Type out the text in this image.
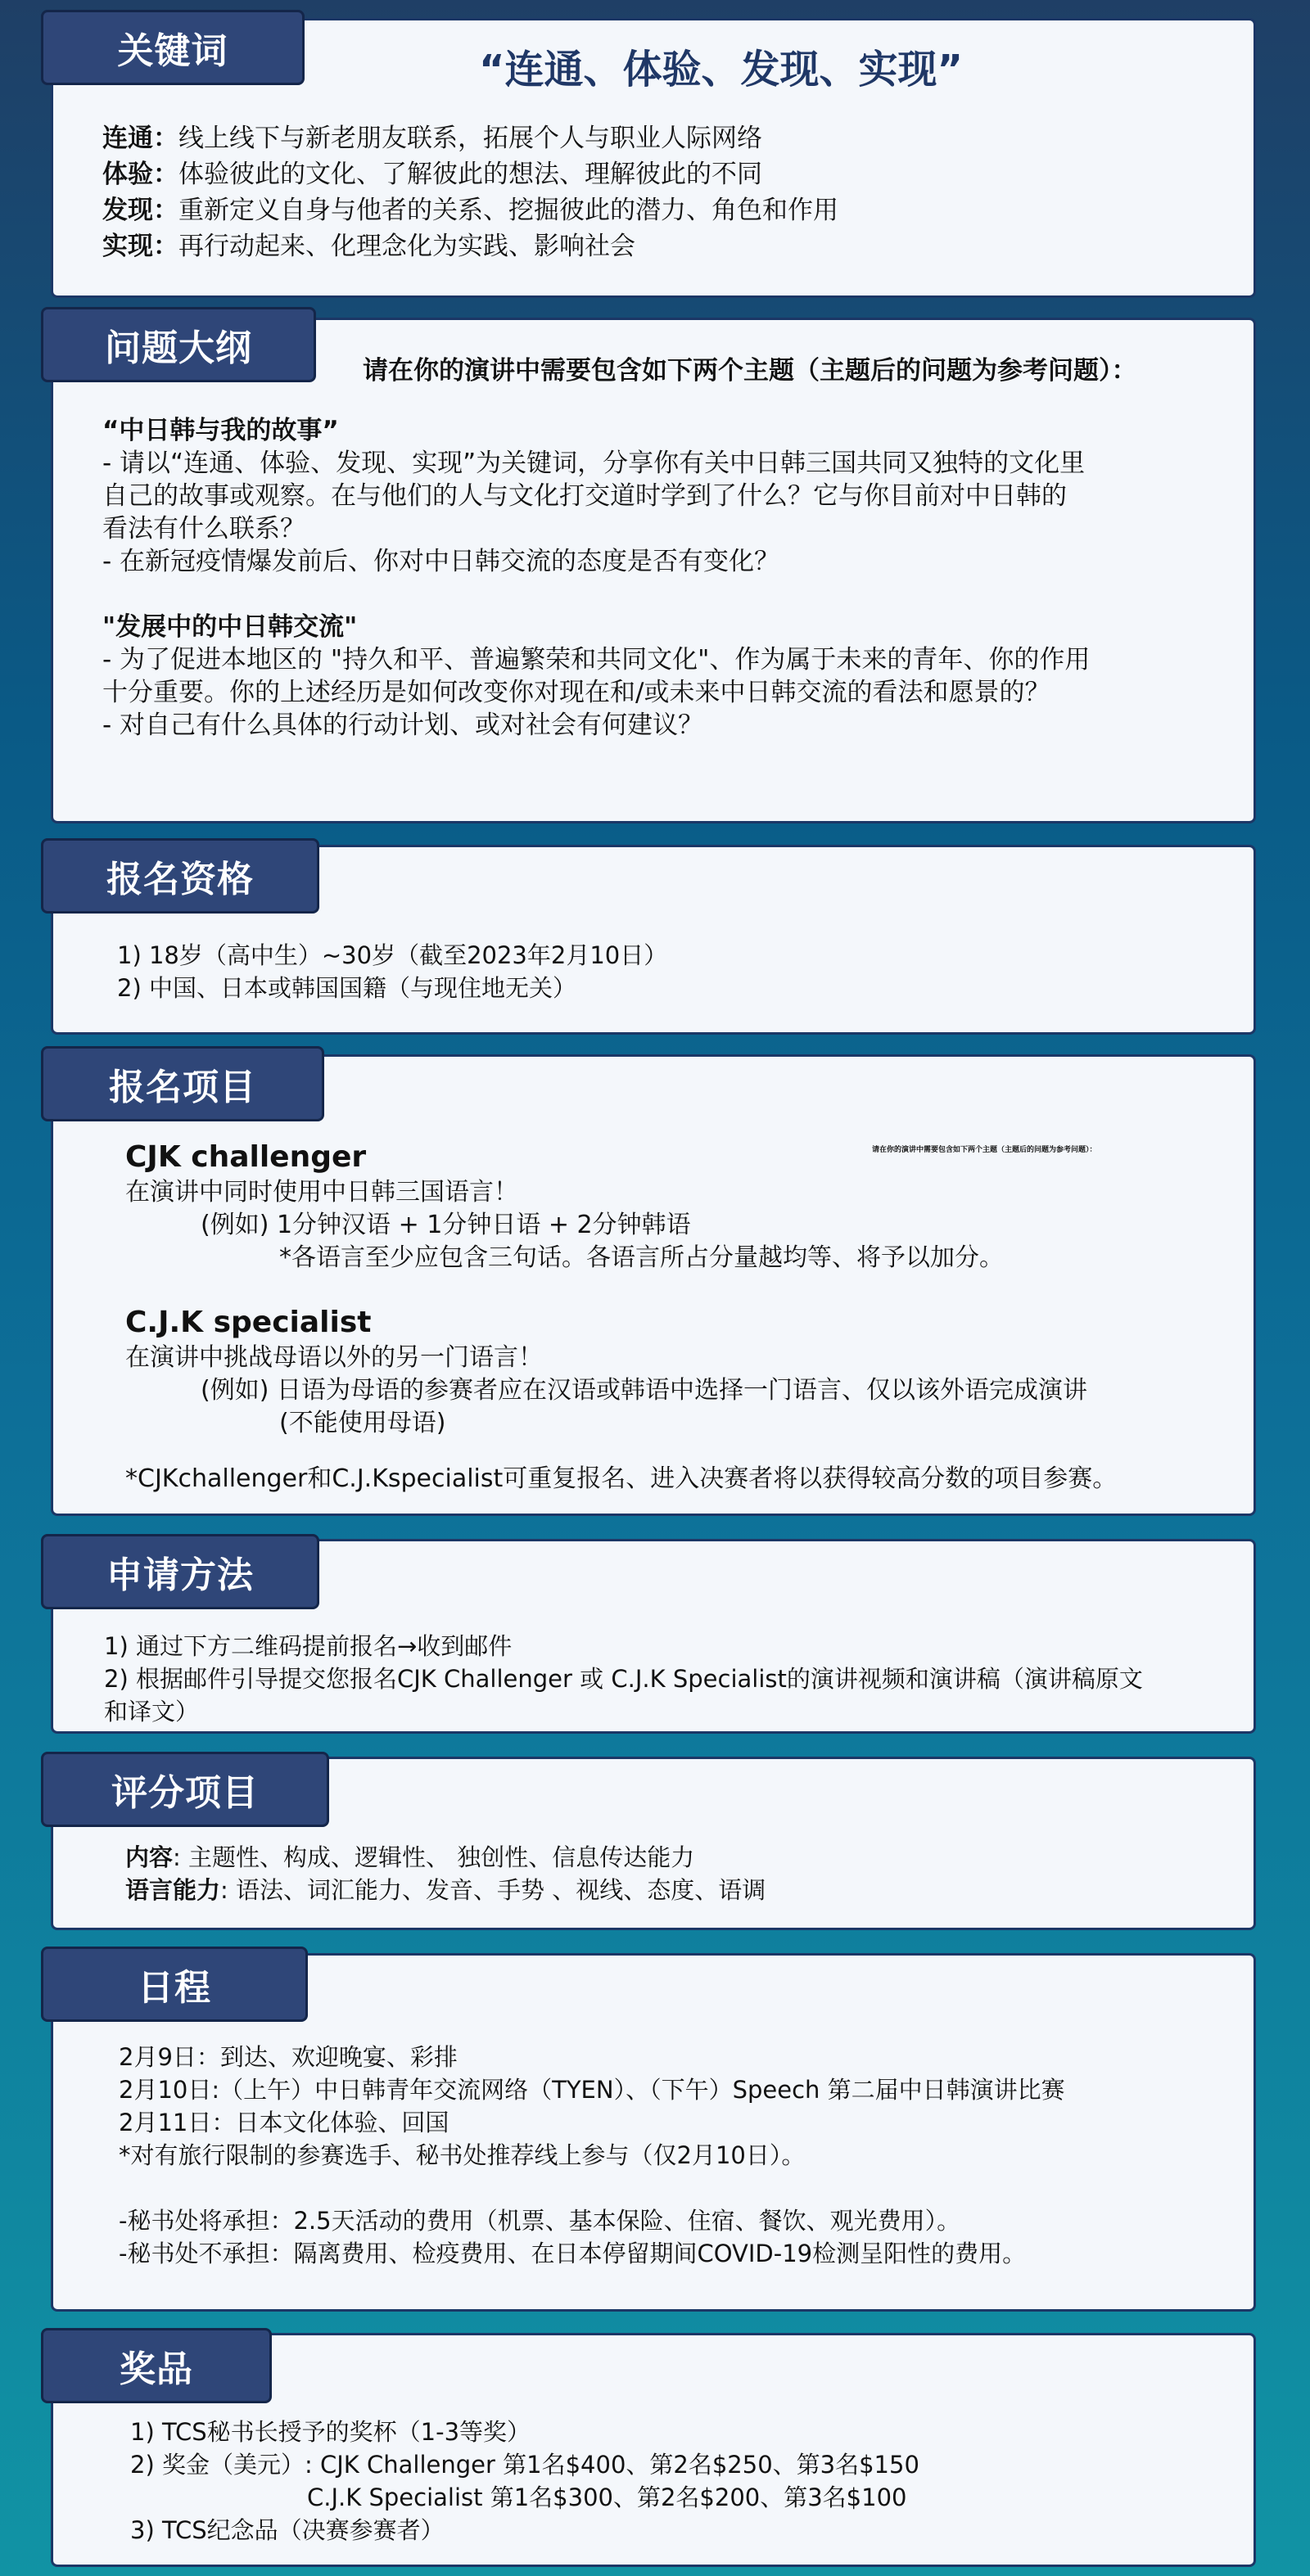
“连通、体验、发现、实现”

连通：线上线下与新老朋友联系，拓展个人与职业人际网络

体验：体验彼此的文化、了解彼此的想法、理解彼此的不同

发现：重新定义自身与他者的关系、挖掘彼此的潜力、角色和作用

实现：再行动起来、化理念化为实践、影响社会

关键词

请在你的演讲中需要包含如下两个主题（主题后的问题为参考问题）：

“中日韩与我的故事”

- 请以“连通、体验、发现、实现”为关键词，分享你有关中日韩三国共同又独特的文化里

自己的故事或观察。在与他们的人与文化打交道时学到了什么？它与你目前对中日韩的

看法有什么联系？

- 在新冠疫情爆发前后、你对中日韩交流的态度是否有变化？

"发展中的中日韩交流"

- 为了促进本地区的 "持久和平、普遍繁荣和共同文化"、作为属于未来的青年、你的作用

十分重要。你的上述经历是如何改变你对现在和/或未来中日韩交流的看法和愿景的？

- 对自己有什么具体的行动计划、或对社会有何建议？

问题大纲

1) 18岁（高中生）~30岁（截至2023年2月10日）

2) 中国、日本或韩国国籍（与现住地无关）

报名资格

请在你的演讲中需要包含如下两个主题（主题后的问题为参考问题）：

CJK challenger

在演讲中同时使用中日韩三国语言！

(例如) 1分钟汉语 + 1分钟日语 + 2分钟韩语

*各语言至少应包含三句话。各语言所占分量越均等、将予以加分。

C.J.K specialist

在演讲中挑战母语以外的另一门语言！

(例如) 日语为母语的参赛者应在汉语或韩语中选择一门语言、仅以该外语完成演讲

(不能使用母语)

*CJKchallenger和C.J.Kspecialist可重复报名、进入决赛者将以获得较高分数的项目参赛。

报名项目

1) 通过下方二维码提前报名→收到邮件

2) 根据邮件引导提交您报名CJK Challenger 或 C.J.K Specialist的演讲视频和演讲稿（演讲稿原文

和译文）

申请方法

内容: 主题性、构成、逻辑性、 独创性、信息传达能力

语言能力: 语法、词汇能力、发音、手势 、视线、态度、语调

评分项目

2月9日：到达、欢迎晚宴、彩排

2月10日:（上午）中日韩青年交流网络（TYEN）、（下午）Speech 第二届中日韩演讲比赛

2月11日：日本文化体验、回国

*对有旅行限制的参赛选手、秘书处推荐线上参与（仅2月10日）。

-秘书处将承担：2.5天活动的费用（机票、基本保险、住宿、餐饮、观光费用）。

-秘书处不承担：隔离费用、检疫费用、在日本停留期间COVID-19检测呈阳性的费用。

日程

1) TCS秘书长授予的奖杯（1-3等奖）

2) 奖金（美元）: CJK Challenger 第1名$400、第2名$250、第3名$150

C.J.K Specialist 第1名$300、第2名$200、第3名$100

3) TCS纪念品（决赛参赛者）

奖品
